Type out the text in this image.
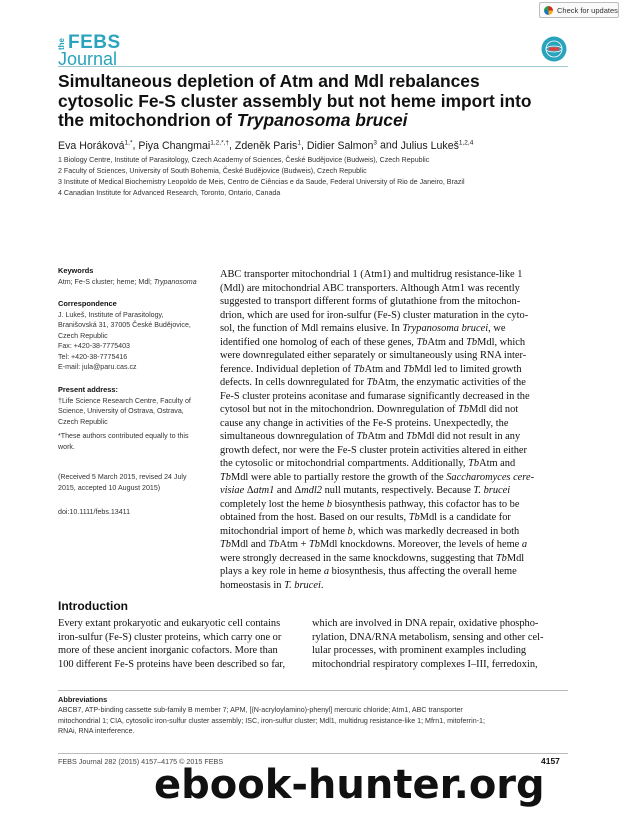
Check for updates
the FEBS
Journal
Simultaneous depletion of Atm and Mdl rebalances
cytosolic Fe-S cluster assembly but not heme import into
the mitochondrion of Trypanosoma brucei
Eva Horáková$^{1,*}$, Piya Changmai$^{1,2,*,\dagger}$, Zdeněk Paris$^1$, Didier Salmon$^3$ and Julius Lukeš$^{1,2,4}$
1 Biology Centre, Institute of Parasitology, Czech Academy of Sciences, České Budějovice (Budweis), Czech Republic
2 Faculty of Sciences, University of South Bohemia, České Budějovice (Budweis), Czech Republic
3 Institute of Medical Biochemistry Leopoldo de Meis, Centro de Ciências e da Saude, Federal University of Rio de Janeiro, Brazil
4 Canadian Institute for Advanced Research, Toronto, Ontario, Canada
Keywords
Atm; Fe-S cluster; heme; Mdl; Trypanosoma
Correspondence
J. Lukeš, Institute of Parasitology,
Branišovská 31, 37005 České Budějovice,
Czech Republic
Fax: +420-38-7775403
Tel: +420-38-7775416
E-mail: jula@paru.cas.cz
Present address:
†Life Science Research Centre, Faculty of
Science, University of Ostrava, Ostrava,
Czech Republic
*These authors contributed equally to this
work.
(Received 5 March 2015, revised 24 July
2015, accepted 10 August 2015)
doi:10.1111/febs.13411
ABC transporter mitochondrial 1 (Atm1) and multidrug resistance-like 1
(Mdl) are mitochondrial ABC transporters. Although Atm1 was recently
suggested to transport different forms of glutathione from the mitochon-
drion, which are used for iron-sulfur (Fe-S) cluster maturation in the cyto-
sol, the function of Mdl remains elusive. In Trypanosoma brucei, we
identified one homolog of each of these genes, TbAtm and TbMdl, which
were downregulated either separately or simultaneously using RNA inter-
ference. Individual depletion of TbAtm and TbMdl led to limited growth
defects. In cells downregulated for TbAtm, the enzymatic activities of the
Fe-S cluster proteins aconitase and fumarase significantly decreased in the
cytosol but not in the mitochondrion. Downregulation of TbMdl did not
cause any change in activities of the Fe-S proteins. Unexpectedly, the
simultaneous downregulation of TbAtm and TbMdl did not result in any
growth defect, nor were the Fe-S cluster protein activities altered in either
the cytosolic or mitochondrial compartments. Additionally, TbAtm and
TbMdl were able to partially restore the growth of the Saccharomyces cere-
visiae Δatm1 and Δmdl2 null mutants, respectively. Because T. brucei
completely lost the heme b biosynthesis pathway, this cofactor has to be
obtained from the host. Based on our results, TbMdl is a candidate for
mitochondrial import of heme b, which was markedly decreased in both
TbMdl and TbAtm + TbMdl knockdowns. Moreover, the levels of heme a
were strongly decreased in the same knockdowns, suggesting that TbMdl
plays a key role in heme a biosynthesis, thus affecting the overall heme
homeostasis in T. brucei.
Introduction
Every extant prokaryotic and eukaryotic cell contains
iron-sulfur (Fe-S) cluster proteins, which carry one or
more of these ancient inorganic cofactors. More than
100 different Fe-S proteins have been described so far,
which are involved in DNA repair, oxidative phospho-
rylation, DNA/RNA metabolism, sensing and other cel-
lular processes, with prominent examples including
mitochondrial respiratory complexes I–III, ferredoxin,
Abbreviations
ABCB7, ATP-binding cassette sub-family B member 7; APM, [(N-acryloylamino)-phenyl] mercuric chloride; Atm1, ABC transporter
mitochondrial 1; CIA, cytosolic iron-sulfur cluster assembly; ISC, iron-sulfur cluster; Mdl1, multidrug resistance-like 1; Mfrn1, mitoferrin-1;
RNAi, RNA interference.
FEBS Journal 282 (2015) 4157–4175 © 2015 FEBS	4157
ebook-hunter.org
